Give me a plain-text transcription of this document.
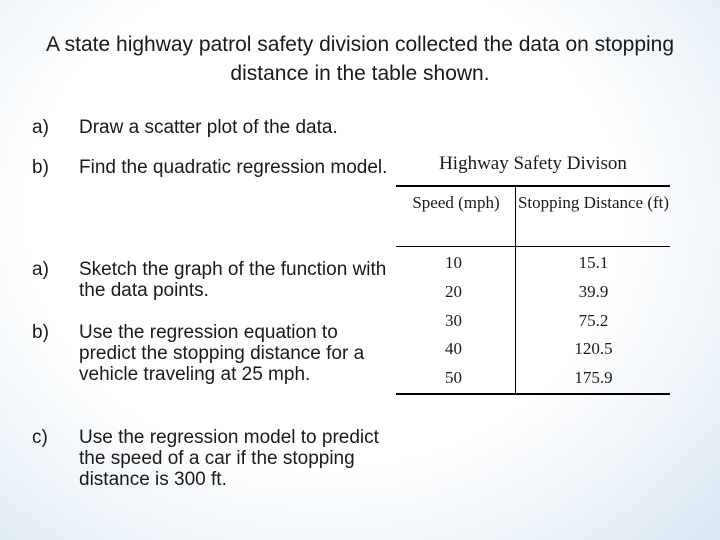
A state highway patrol safety division collected the data on stopping distance in the table shown.
a) Draw a scatter plot of the data.
b) Find the quadratic regression model.
a) Sketch the graph of the function with the data points.
b) Use the regression equation to predict the stopping distance for a vehicle traveling at 25 mph.
c) Use the regression model to predict the speed of a car if the stopping distance is 300 ft.
Highway Safety Divison
Speed (mph)	Stopping Distance (ft)
10	15.1
20	39.9
30	75.2
40	120.5
50	175.9
